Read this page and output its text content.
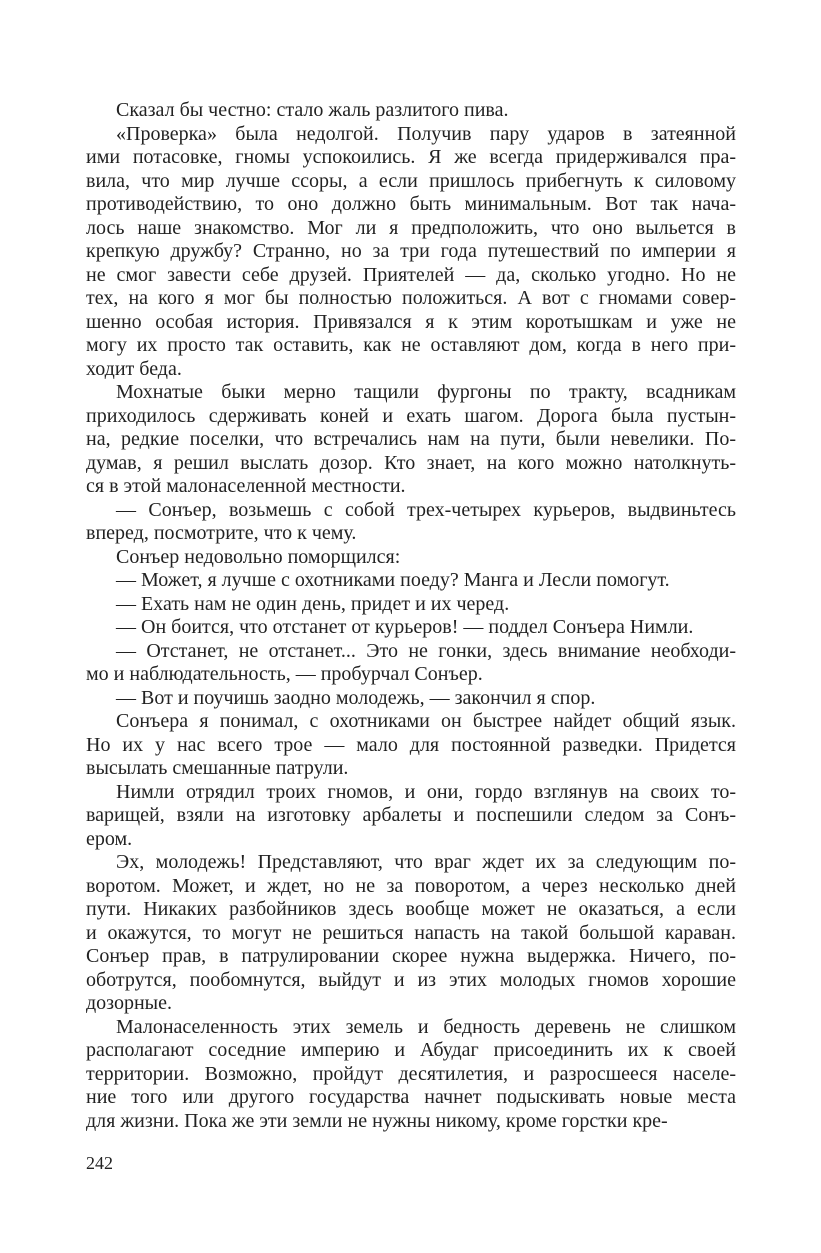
Сказал бы честно: стало жаль разлитого пива.
«Проверка» была недолгой. Получив пару ударов в затеянной
ими потасовке, гномы успокоились. Я же всегда придерживался пра-
вила, что мир лучше ссоры, а если пришлось прибегнуть к силовому
противодействию, то оно должно быть минимальным. Вот так нача-
лось наше знакомство. Мог ли я предположить, что оно выльется в
крепкую дружбу? Странно, но за три года путешествий по империи я
не смог завести себе друзей. Приятелей — да, сколько угодно. Но не
тех, на кого я мог бы полностью положиться. А вот с гномами совер-
шенно особая история. Привязался я к этим коротышкам и уже не
могу их просто так оставить, как не оставляют дом, когда в него при-
ходит беда.
Мохнатые быки мерно тащили фургоны по тракту, всадникам
приходилось сдерживать коней и ехать шагом. Дорога была пустын-
на, редкие поселки, что встречались нам на пути, были невелики. По-
думав, я решил выслать дозор. Кто знает, на кого можно натолкнуть-
ся в этой малонаселенной местности.
— Сонъер, возьмешь с собой трех-четырех курьеров, выдвиньтесь
вперед, посмотрите, что к чему.
Сонъер недовольно поморщился:
— Может, я лучше с охотниками поеду? Манга и Лесли помогут.
— Ехать нам не один день, придет и их черед.
— Он боится, что отстанет от курьеров! — поддел Сонъера Нимли.
— Отстанет, не отстанет... Это не гонки, здесь внимание необходи-
мо и наблюдательность, — пробурчал Сонъер.
— Вот и поучишь заодно молодежь, — закончил я спор.
Сонъера я понимал, с охотниками он быстрее найдет общий язык.
Но их у нас всего трое — мало для постоянной разведки. Придется
высылать смешанные патрули.
Нимли отрядил троих гномов, и они, гордо взглянув на своих то-
варищей, взяли на изготовку арбалеты и поспешили следом за Сонъ-
ером.
Эх, молодежь! Представляют, что враг ждет их за следующим по-
воротом. Может, и ждет, но не за поворотом, а через несколько дней
пути. Никаких разбойников здесь вообще может не оказаться, а если
и окажутся, то могут не решиться напасть на такой большой караван.
Сонъер прав, в патрулировании скорее нужна выдержка. Ничего, по-
оботрутся, пообомнутся, выйдут и из этих молодых гномов хорошие
дозорные.
Малонаселенность этих земель и бедность деревень не слишком
располагают соседние империю и Абудаг присоединить их к своей
территории. Возможно, пройдут десятилетия, и разросшееся населе-
ние того или другого государства начнет подыскивать новые места
для жизни. Пока же эти земли не нужны никому, кроме горстки кре-
242
